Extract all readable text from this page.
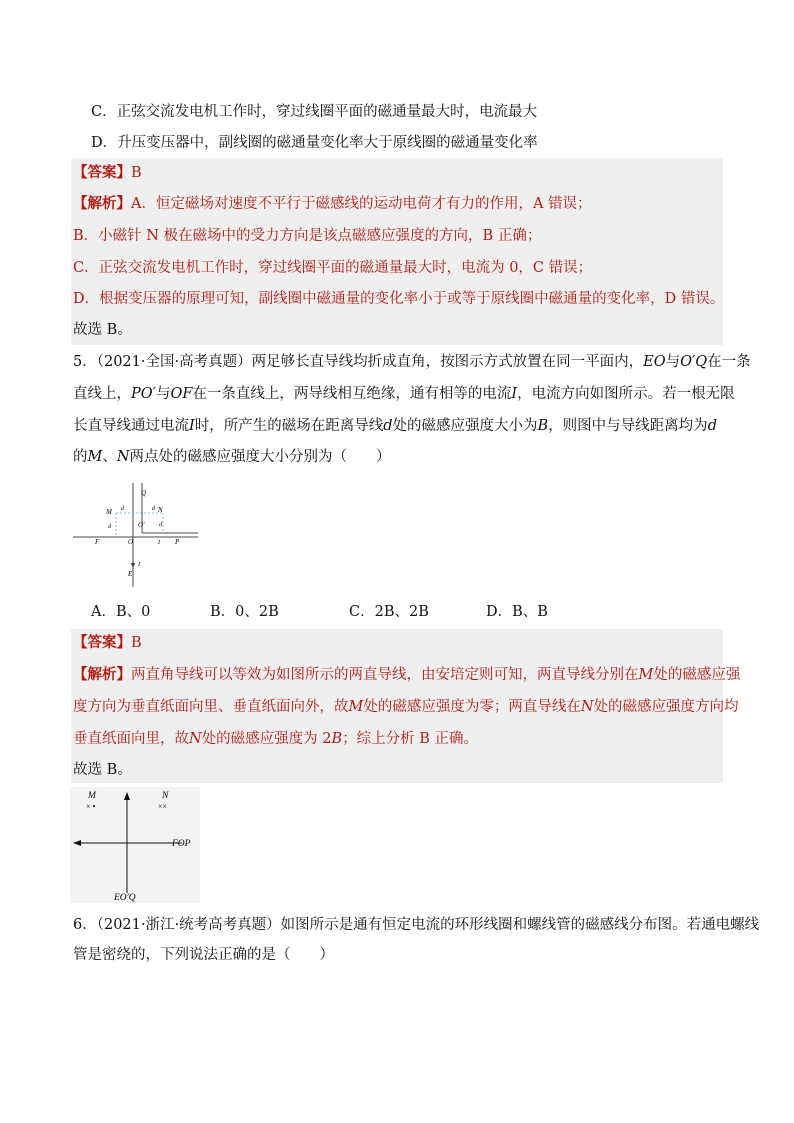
C．正弦交流发电机工作时，穿过线圈平面的磁通量最大时，电流最大
D．升压变压器中，副线圈的磁通量变化率大于原线圈的磁通量变化率
【答案】B
【解析】A．恒定磁场对速度不平行于磁感线的运动电荷才有力的作用，A 错误；
B．小磁针 N 极在磁场中的受力方向是该点磁感应强度的方向，B 正确；
C．正弦交流发电机工作时，穿过线圈平面的磁通量最大时，电流为 0，C 错误；
D．根据变压器的原理可知，副线圈中磁通量的变化率小于或等于原线圈中磁通量的变化率，D 错误。
故选 B。
5．（2021·全国·高考真题）两足够长直导线均折成直角，按图示方式放置在同一平面内，EO与O′Q在一条
直线上，PO′与OF在一条直线上，两导线相互绝缘，通有相等的电流I，电流方向如图所示。若一根无限
长直导线通过电流I时，所产生的磁场在距离导线d处的磁感应强度大小为B，则图中与导线距离均为d
的M、N两点处的磁感应强度大小分别为（　　）
Q
M	N
d	d
d	d
O′
O
F	P
E
I
I
A．B、0	B．0、2B	C．2B、2B	D．B、B
【答案】B
【解析】两直角导线可以等效为如图所示的两直导线，由安培定则可知，两直导线分别在M处的磁感应强
度方向为垂直纸面向里、垂直纸面向外，故M处的磁感应强度为零；两直导线在N处的磁感应强度方向均
垂直纸面向里，故N处的磁感应强度为 2B；综上分析 B 正确。
故选 B。
M
× •
N
××
FOP
EO′Q
6．（2021·浙江·统考高考真题）如图所示是通有恒定电流的环形线圈和螺线管的磁感线分布图。若通电螺线
管是密绕的，下列说法正确的是（　　）
